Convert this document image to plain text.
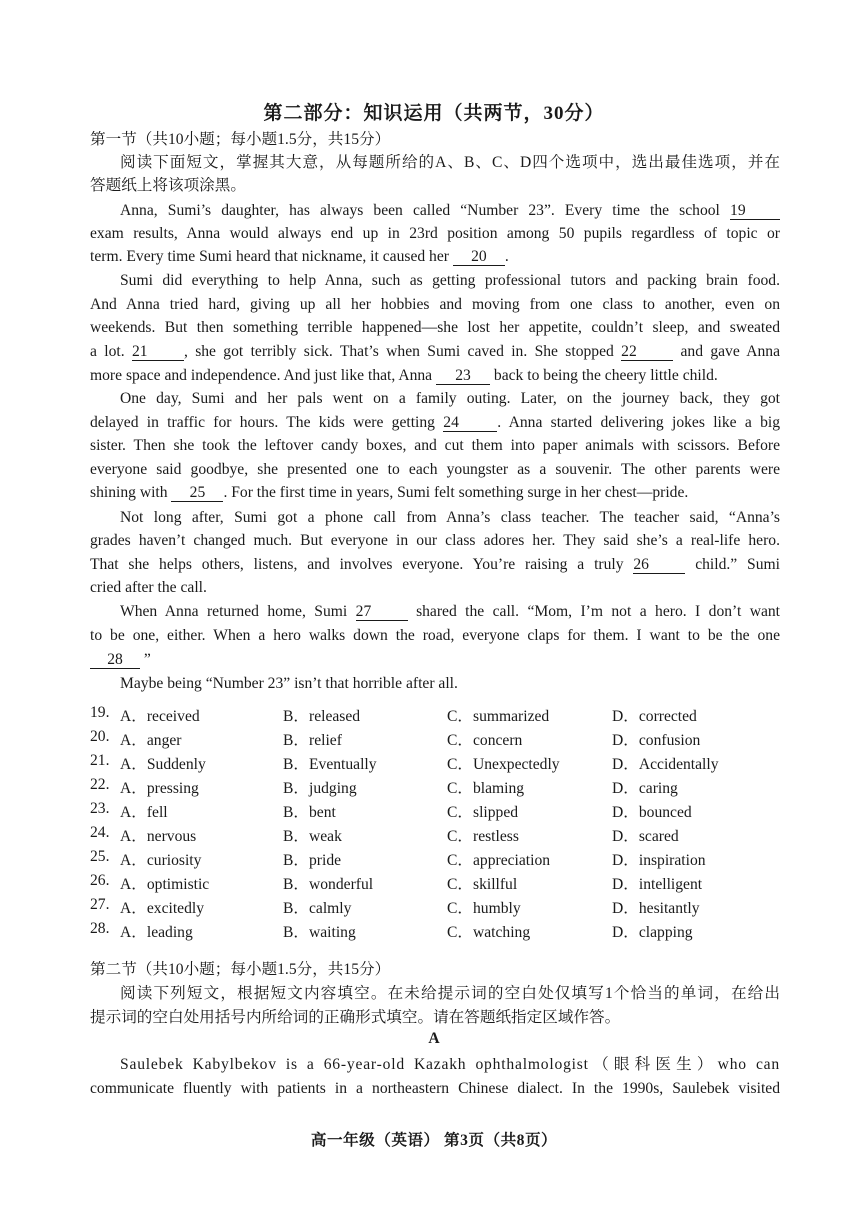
第二部分：知识运用（共两节，30分）
第一节（共10小题；每小题1.5分，共15分）
阅读下面短文，掌握其大意，从每题所给的A、B、C、D四个选项中，选出最佳选项，并在
答题纸上将该项涂黑。
Anna, Sumi’s daughter, has always been called “Number 23”. Every time the school 19
exam results, Anna would always end up in 23rd position among 50 pupils regardless of topic or
term. Every time Sumi heard that nickname, it caused her 20 .
Sumi did everything to help Anna, such as getting professional tutors and packing brain food.
And Anna tried hard, giving up all her hobbies and moving from one class to another, even on
weekends. But then something terrible happened—she lost her appetite, couldn’t sleep, and sweated
a lot. 21 , she got terribly sick. That’s when Sumi caved in. She stopped 22	and gave Anna
more space and independence. And just like that, Anna 23 back to being the cheery little child.
One day, Sumi and her pals went on a family outing. Later, on the journey back, they got
delayed in traffic for hours. The kids were getting 24 . Anna started delivering jokes like a big
sister. Then she took the leftover candy boxes, and cut them into paper animals with scissors. Before
everyone said goodbye, she presented one to each youngster as a souvenir. The other parents were
shining with 25 . For the first time in years, Sumi felt something surge in her chest—pride.
Not long after, Sumi got a phone call from Anna’s class teacher. The teacher said, “Anna’s
grades haven’t changed much. But everyone in our class adores her. They said she’s a real-life hero.
That she helps others, listens, and involves everyone. You’re raising a truly 26	child.” Sumi
cried after the call.
When Anna returned home, Sumi 27	shared the call. “Mom, I’m not a hero. I don’t want
to be one, either. When a hero walks down the road, everyone claps for them. I want to be the one
28 ”
Maybe being “Number 23” isn’t that horrible after all.
19. A．received	B．released	C．summarized	D．corrected
20. A．anger	B．relief	C．concern	D．confusion
21. A．Suddenly	B．Eventually	C．Unexpectedly	D．Accidentally
22. A．pressing	B．judging	C．blaming	D．caring
23. A．fell	B．bent	C．slipped	D．bounced
24. A．nervous	B．weak	C．restless	D．scared
25. A．curiosity	B．pride	C．appreciation	D．inspiration
26. A．optimistic	B．wonderful	C．skillful	D．intelligent
27. A．excitedly	B．calmly	C．humbly	D．hesitantly
28. A．leading	B．waiting	C．watching	D．clapping
第二节（共10小题；每小题1.5分，共15分）
阅读下列短文，根据短文内容填空。在未给提示词的空白处仅填写1个恰当的单词，在给出
提示词的空白处用括号内所给词的正确形式填空。请在答题纸指定区域作答。
A
Saulebek Kabylbekov is a 66-year-old Kazakh ophthalmologist（眼科医生）who can
communicate fluently with patients in a northeastern Chinese dialect. In the 1990s, Saulebek visited
高一年级（英语） 第3页（共8页）
